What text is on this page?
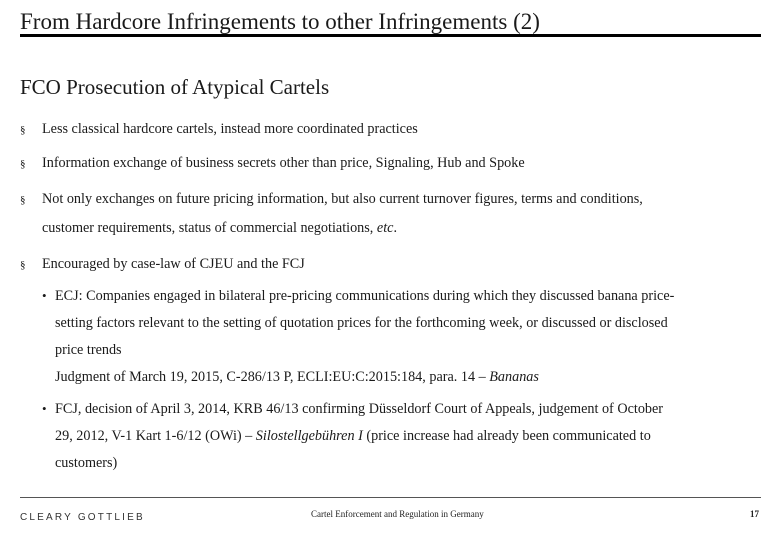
From Hardcore Infringements to other Infringements (2)
FCO Prosecution of Atypical Cartels
§ Less classical hardcore cartels, instead more coordinated practices
§ Information exchange of business secrets other than price, Signaling, Hub and Spoke
§ Not only exchanges on future pricing information, but also current turnover figures, terms and conditions,
customer requirements, status of commercial negotiations, etc.
§ Encouraged by case-law of CJEU and the FCJ
• ECJ: Companies engaged in bilateral pre-pricing communications during which they discussed banana price-
setting factors relevant to the setting of quotation prices for the forthcoming week, or discussed or disclosed
price trends
Judgment of March 19, 2015, C‑286/13 P, ECLI:EU:C:2015:184, para. 14 – Bananas
• FCJ, decision of April 3, 2014, KRB 46/13 confirming Düsseldorf Court of Appeals, judgement of October
29, 2012, V-1 Kart 1-6/12 (OWi) – Silostellgebühren I (price increase had already been communicated to
customers)
CLEARY GOTTLIEB	Cartel Enforcement and Regulation in Germany	17
